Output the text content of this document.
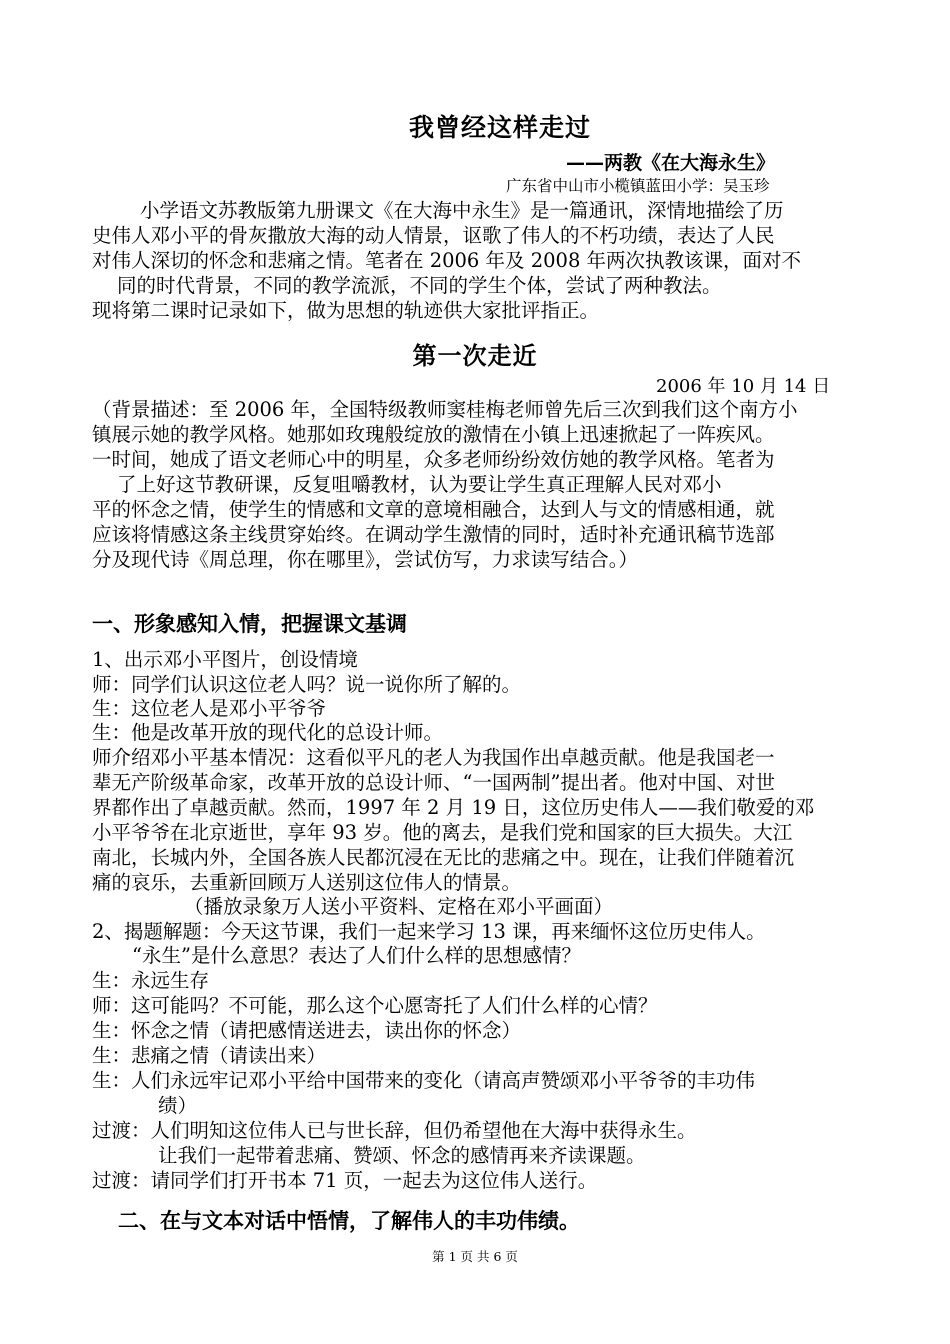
我曾经这样走过
——两教《在大海永生》
广东省中山市小榄镇蓝田小学：吴玉珍
小学语文苏教版第九册课文《在大海中永生》是一篇通讯，深情地描绘了历
史伟人邓小平的骨灰撒放大海的动人情景，讴歌了伟人的不朽功绩，表达了人民
对伟人深切的怀念和悲痛之情。笔者在 2006 年及 2008 年两次执教该课，面对不
同的时代背景，不同的教学流派，不同的学生个体，尝试了两种教法。
现将第二课时记录如下，做为思想的轨迹供大家批评指正。
第一次走近
2006 年 10 月 14 日
（背景描述：至 2006 年，全国特级教师窦桂梅老师曾先后三次到我们这个南方小
镇展示她的教学风格。她那如玫瑰般绽放的激情在小镇上迅速掀起了一阵疾风。
一时间，她成了语文老师心中的明星，众多老师纷纷效仿她的教学风格。笔者为
了上好这节教研课，反复咀嚼教材，认为要让学生真正理解人民对邓小
平的怀念之情，使学生的情感和文章的意境相融合，达到人与文的情感相通，就
应该将情感这条主线贯穿始终。在调动学生激情的同时，适时补充通讯稿节选部
分及现代诗《周总理，你在哪里》，尝试仿写，力求读写结合。）
一、形象感知入情，把握课文基调
1、出示邓小平图片，创设情境
师：同学们认识这位老人吗？说一说你所了解的。
生：这位老人是邓小平爷爷
生：他是改革开放的现代化的总设计师。
师介绍邓小平基本情况：这看似平凡的老人为我国作出卓越贡献。他是我国老一
辈无产阶级革命家，改革开放的总设计师、“一国两制”提出者。他对中国、对世
界都作出了卓越贡献。然而，1997 年 2 月 19 日，这位历史伟人——我们敬爱的邓
小平爷爷在北京逝世，享年 93 岁。他的离去，是我们党和国家的巨大损失。大江
南北，长城内外，全国各族人民都沉浸在无比的悲痛之中。现在，让我们伴随着沉
痛的哀乐，去重新回顾万人送别这位伟人的情景。
（播放录象万人送小平资料、定格在邓小平画面）
2、揭题解题：今天这节课，我们一起来学习 13 课，再来缅怀这位历史伟人。
“永生”是什么意思？表达了人们什么样的思想感情？
生：永远生存
师：这可能吗？不可能，那么这个心愿寄托了人们什么样的心情？
生：怀念之情（请把感情送进去，读出你的怀念）
生：悲痛之情（请读出来）
生：人们永远牢记邓小平给中国带来的变化（请高声赞颂邓小平爷爷的丰功伟
绩）
过渡：人们明知这位伟人已与世长辞，但仍希望他在大海中获得永生。
让我们一起带着悲痛、赞颂、怀念的感情再来齐读课题。
过渡：请同学们打开书本 71 页，一起去为这位伟人送行。
二、在与文本对话中悟情，了解伟人的丰功伟绩。
第 1 页 共 6 页
